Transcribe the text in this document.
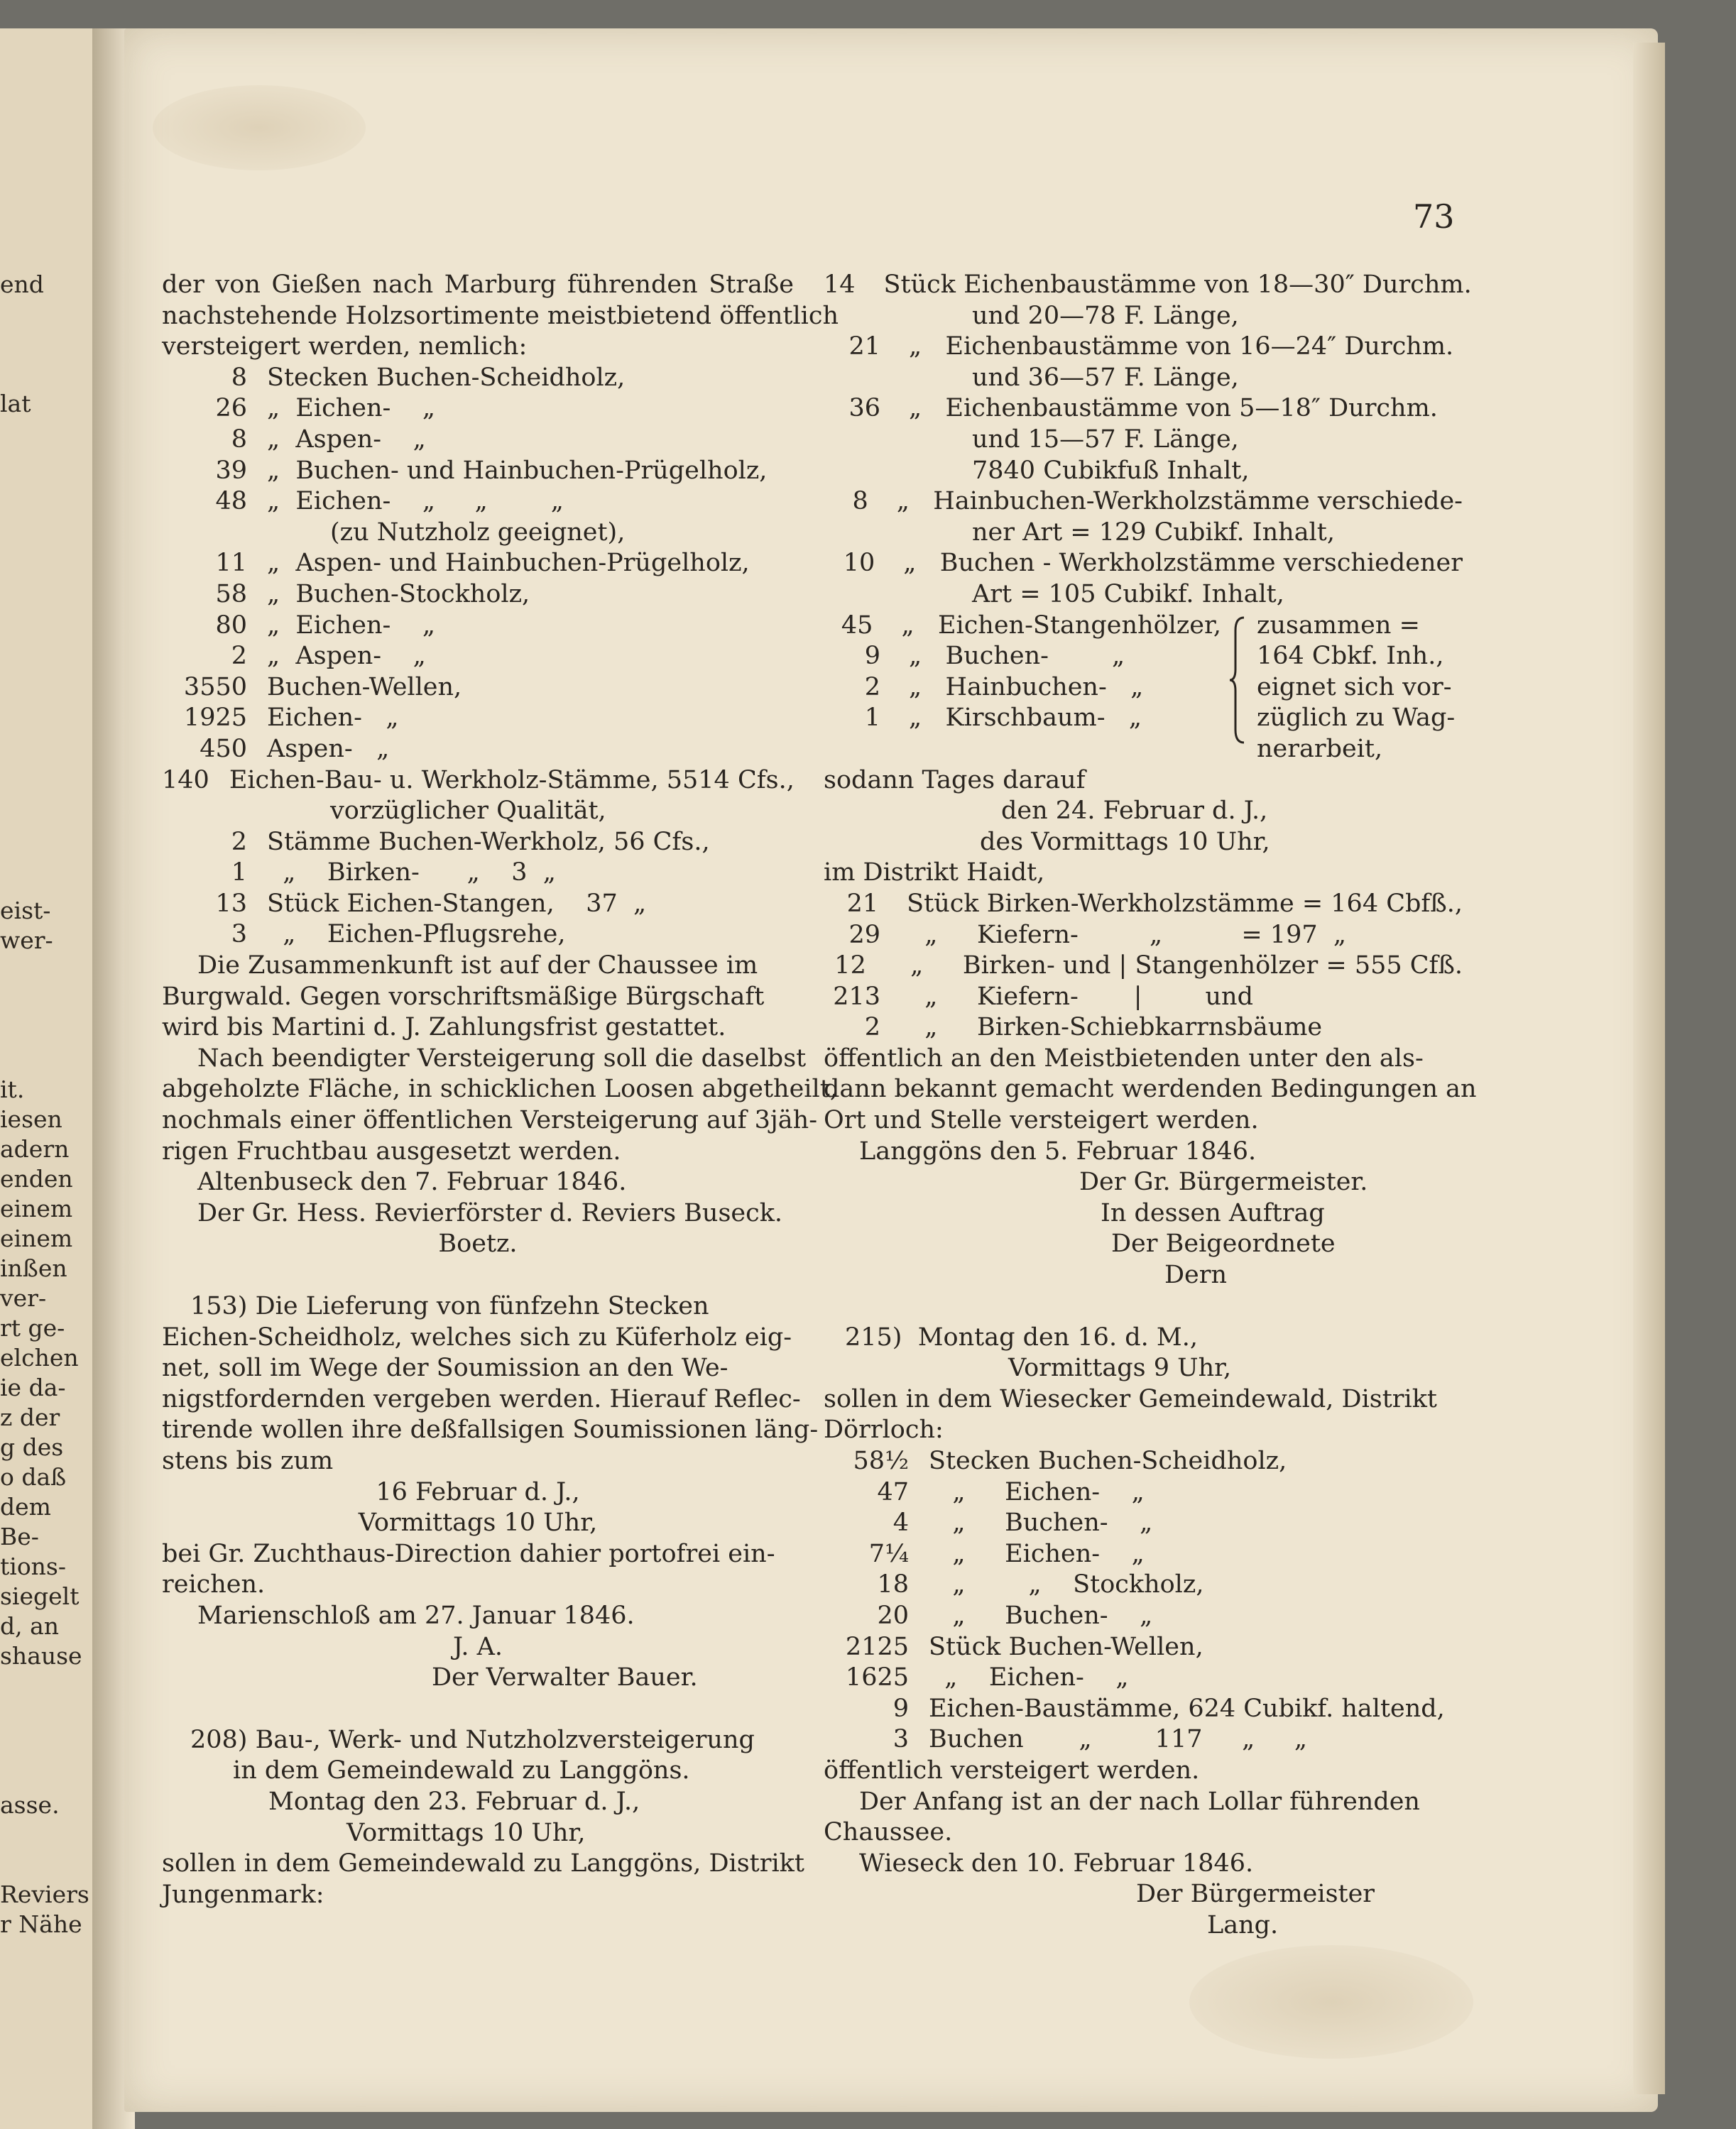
end
lat
eist-
wer-
it.
iesen
adern
enden
einem
einem
inßen
ver-
rt ge-
elchen
ie da-
z der
g des
o daß
dem
Be-
tions-
siegelt
d, an
shause
asse.
Reviers
r Nähe
73
der von Gießen nach Marburg führenden Straße
nachstehende Holzsortimente meistbietend öffentlich
versteigert werden, nemlich:
8 Stecken Buchen-Scheidholz,
26 „  Eichen-    „
8 „  Aspen-    „
39 „  Buchen- und Hainbuchen-Prügelholz,
48 „  Eichen-    „     „        „
(zu Nutzholz geeignet),
11 „  Aspen- und Hainbuchen-Prügelholz,
58 „  Buchen-Stockholz,
80 „  Eichen-    „
2 „  Aspen-    „
3550 Buchen-Wellen,
1925 Eichen-   „
450 Aspen-   „
140 Eichen-Bau- u. Werkholz-Stämme, 5514 Cfs.,
vorzüglicher Qualität,
2 Stämme Buchen-Werkholz, 56 Cfs.,
1 „    Birken-      „    3  „
13 Stück Eichen-Stangen,    37  „
3 „    Eichen-Pflugsrehe,
Die Zusammenkunft ist auf der Chaussee im
Burgwald. Gegen vorschriftsmäßige Bürgschaft
wird bis Martini d. J. Zahlungsfrist gestattet.
Nach beendigter Versteigerung soll die daselbst
abgeholzte Fläche, in schicklichen Loosen abgetheilt,
nochmals einer öffentlichen Versteigerung auf 3jäh-
rigen Fruchtbau ausgesetzt werden.
Altenbuseck den 7. Februar 1846.
Der Gr. Hess. Revierförster d. Reviers Buseck.
Boetz.
153) Die Lieferung von fünfzehn Stecken
Eichen-Scheidholz, welches sich zu Küferholz eig-
net, soll im Wege der Soumission an den We-
nigstfordernden vergeben werden. Hierauf Reflec-
tirende wollen ihre deßfallsigen Soumissionen läng-
stens bis zum
16 Februar d. J.,
Vormittags 10 Uhr,
bei Gr. Zuchthaus-Direction dahier portofrei ein-
reichen.
Marienschloß am 27. Januar 1846.
J. A.
Der Verwalter Bauer.
208) Bau-, Werk- und Nutzholzversteigerung
in dem Gemeindewald zu Langgöns.
Montag den 23. Februar d. J.,
Vormittags 10 Uhr,
sollen in dem Gemeindewald zu Langgöns, Distrikt
Jungenmark:
14 Stück Eichenbaustämme von 18—30″ Durchm.
und 20—78 F. Länge,
21 „   Eichenbaustämme von 16—24″ Durchm.
und 36—57 F. Länge,
36 „   Eichenbaustämme von 5—18″ Durchm.
und 15—57 F. Länge,
7840 Cubikfuß Inhalt,
8 „   Hainbuchen-Werkholzstämme verschiede-
ner Art = 129 Cubikf. Inhalt,
10 „   Buchen - Werkholzstämme verschiedener
Art = 105 Cubikf. Inhalt,
45 „   Eichen-Stangenhölzer,
9 „   Buchen-        „
2 „   Hainbuchen-   „
1 „   Kirschbaum-   „
zusammen =
164 Cbkf. Inh.,
eignet sich vor-
züglich zu Wag-
nerarbeit,
sodann Tages darauf
den 24. Februar d. J.,
des Vormittags 10 Uhr,
im Distrikt Haidt,
21 Stück Birken-Werkholzstämme = 164 Cbfß.,
29 „     Kiefern-         „          = 197  „
12 „     Birken- und | Stangenhölzer = 555 Cfß.
213 „     Kiefern-       |        und
2 „     Birken-Schiebkarrnsbäume
öffentlich an den Meistbietenden unter den als-
dann bekannt gemacht werdenden Bedingungen an
Ort und Stelle versteigert werden.
Langgöns den 5. Februar 1846.
Der Gr. Bürgermeister.
In dessen Auftrag
Der Beigeordnete
Dern
215)  Montag den 16. d. M.,
Vormittags 9 Uhr,
sollen in dem Wiesecker Gemeindewald, Distrikt
Dörrloch:
58½ Stecken Buchen-Scheidholz,
47 „     Eichen-    „
4 „     Buchen-    „
7¼ „     Eichen-    „
18 „        „    Stockholz,
20 „     Buchen-    „
2125 Stück Buchen-Wellen,
1625 „    Eichen-    „
9 Eichen-Baustämme, 624 Cubikf. haltend,
3 Buchen       „        117     „     „
öffentlich versteigert werden.
Der Anfang ist an der nach Lollar führenden
Chaussee.
Wieseck den 10. Februar 1846.
Der Bürgermeister
Lang.
